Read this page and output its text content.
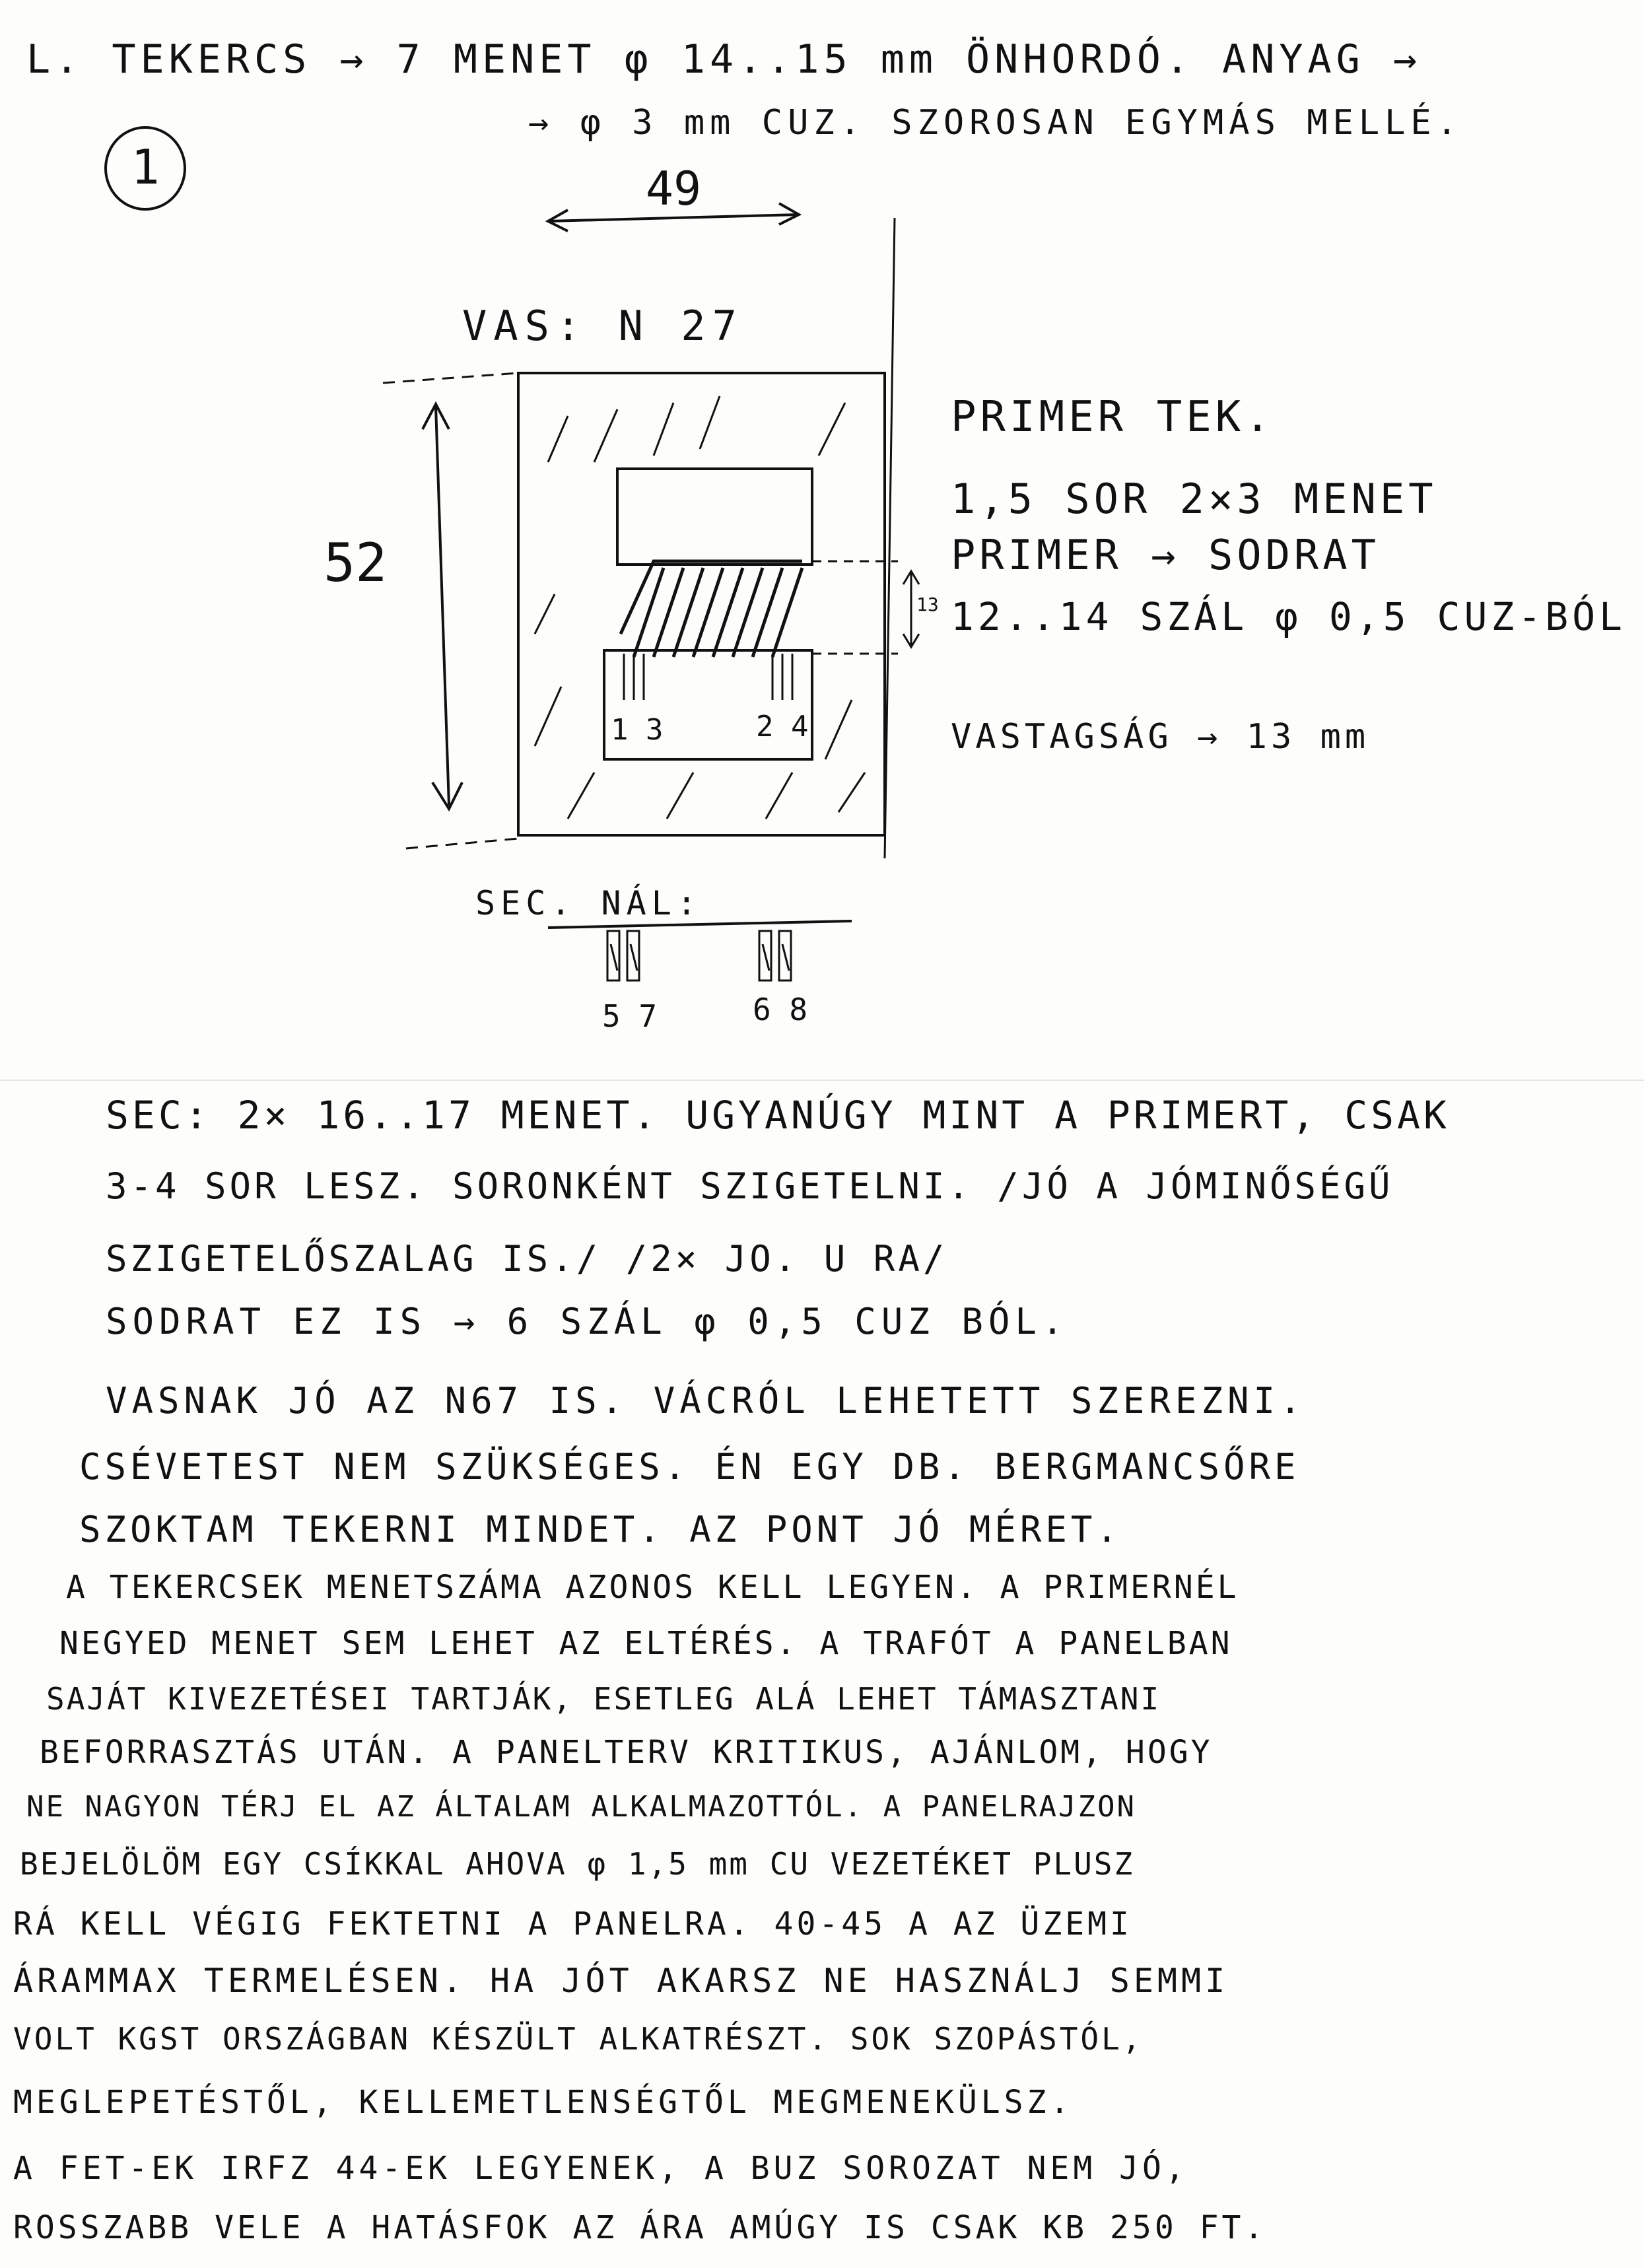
L. TEKERCS → 7 MENET φ 14..15 mm ÖNHORDÓ. ANYAG →
→ φ 3 mm CUZ. SZOROSAN EGYMÁS MELLÉ.
1	49
VAS: N 27
1 3	2 4
52
13
SEC. NÁL:
5 7	6 8
PRIMER TEK.
1,5 SOR 2×3 MENET
PRIMER → SODRAT
12..14 SZÁL φ 0,5 CUZ-BÓL
VASTAGSÁG → 13 mm
SEC: 2× 16..17 MENET. UGYANÚGY MINT A PRIMERT, CSAK
3-4 SOR LESZ. SORONKÉNT SZIGETELNI. /JÓ A JÓMINŐSÉGŰ
SZIGETELŐSZALAG IS./ /2× JO. U RA/
SODRAT EZ IS → 6 SZÁL φ 0,5 CUZ BÓL.
VASNAK JÓ AZ N67 IS. VÁCRÓL LEHETETT SZEREZNI.
CSÉVETEST NEM SZÜKSÉGES. ÉN EGY DB. BERGMANCSŐRE
SZOKTAM TEKERNI MINDET. AZ PONT JÓ MÉRET.
A TEKERCSEK MENETSZÁMA AZONOS KELL LEGYEN. A PRIMERNÉL
NEGYED MENET SEM LEHET AZ ELTÉRÉS. A TRAFÓT A PANELBAN
SAJÁT KIVEZETÉSEI TARTJÁK, ESETLEG ALÁ LEHET TÁMASZTANI
BEFORRASZTÁS UTÁN. A PANELTERV KRITIKUS, AJÁNLOM, HOGY
NE NAGYON TÉRJ EL AZ ÁLTALAM ALKALMAZOTTÓL. A PANELRAJZON
BEJELÖLÖM EGY CSÍKKAL AHOVA φ 1,5 mm CU VEZETÉKET PLUSZ
RÁ KELL VÉGIG FEKTETNI A PANELRA. 40-45 A AZ ÜZEMI
ÁRAMMAX TERMELÉSEN. HA JÓT AKARSZ NE HASZNÁLJ SEMMI
VOLT KGST ORSZÁGBAN KÉSZÜLT ALKATRÉSZT. SOK SZOPÁSTÓL,
MEGLEPETÉSTŐL, KELLEMETLENSÉGTŐL MEGMENEKÜLSZ.
A FET-EK IRFZ 44-EK LEGYENEK, A BUZ SOROZAT NEM JÓ,
ROSSZABB VELE A HATÁSFOK AZ ÁRA AMÚGY IS CSAK KB 250 FT.
